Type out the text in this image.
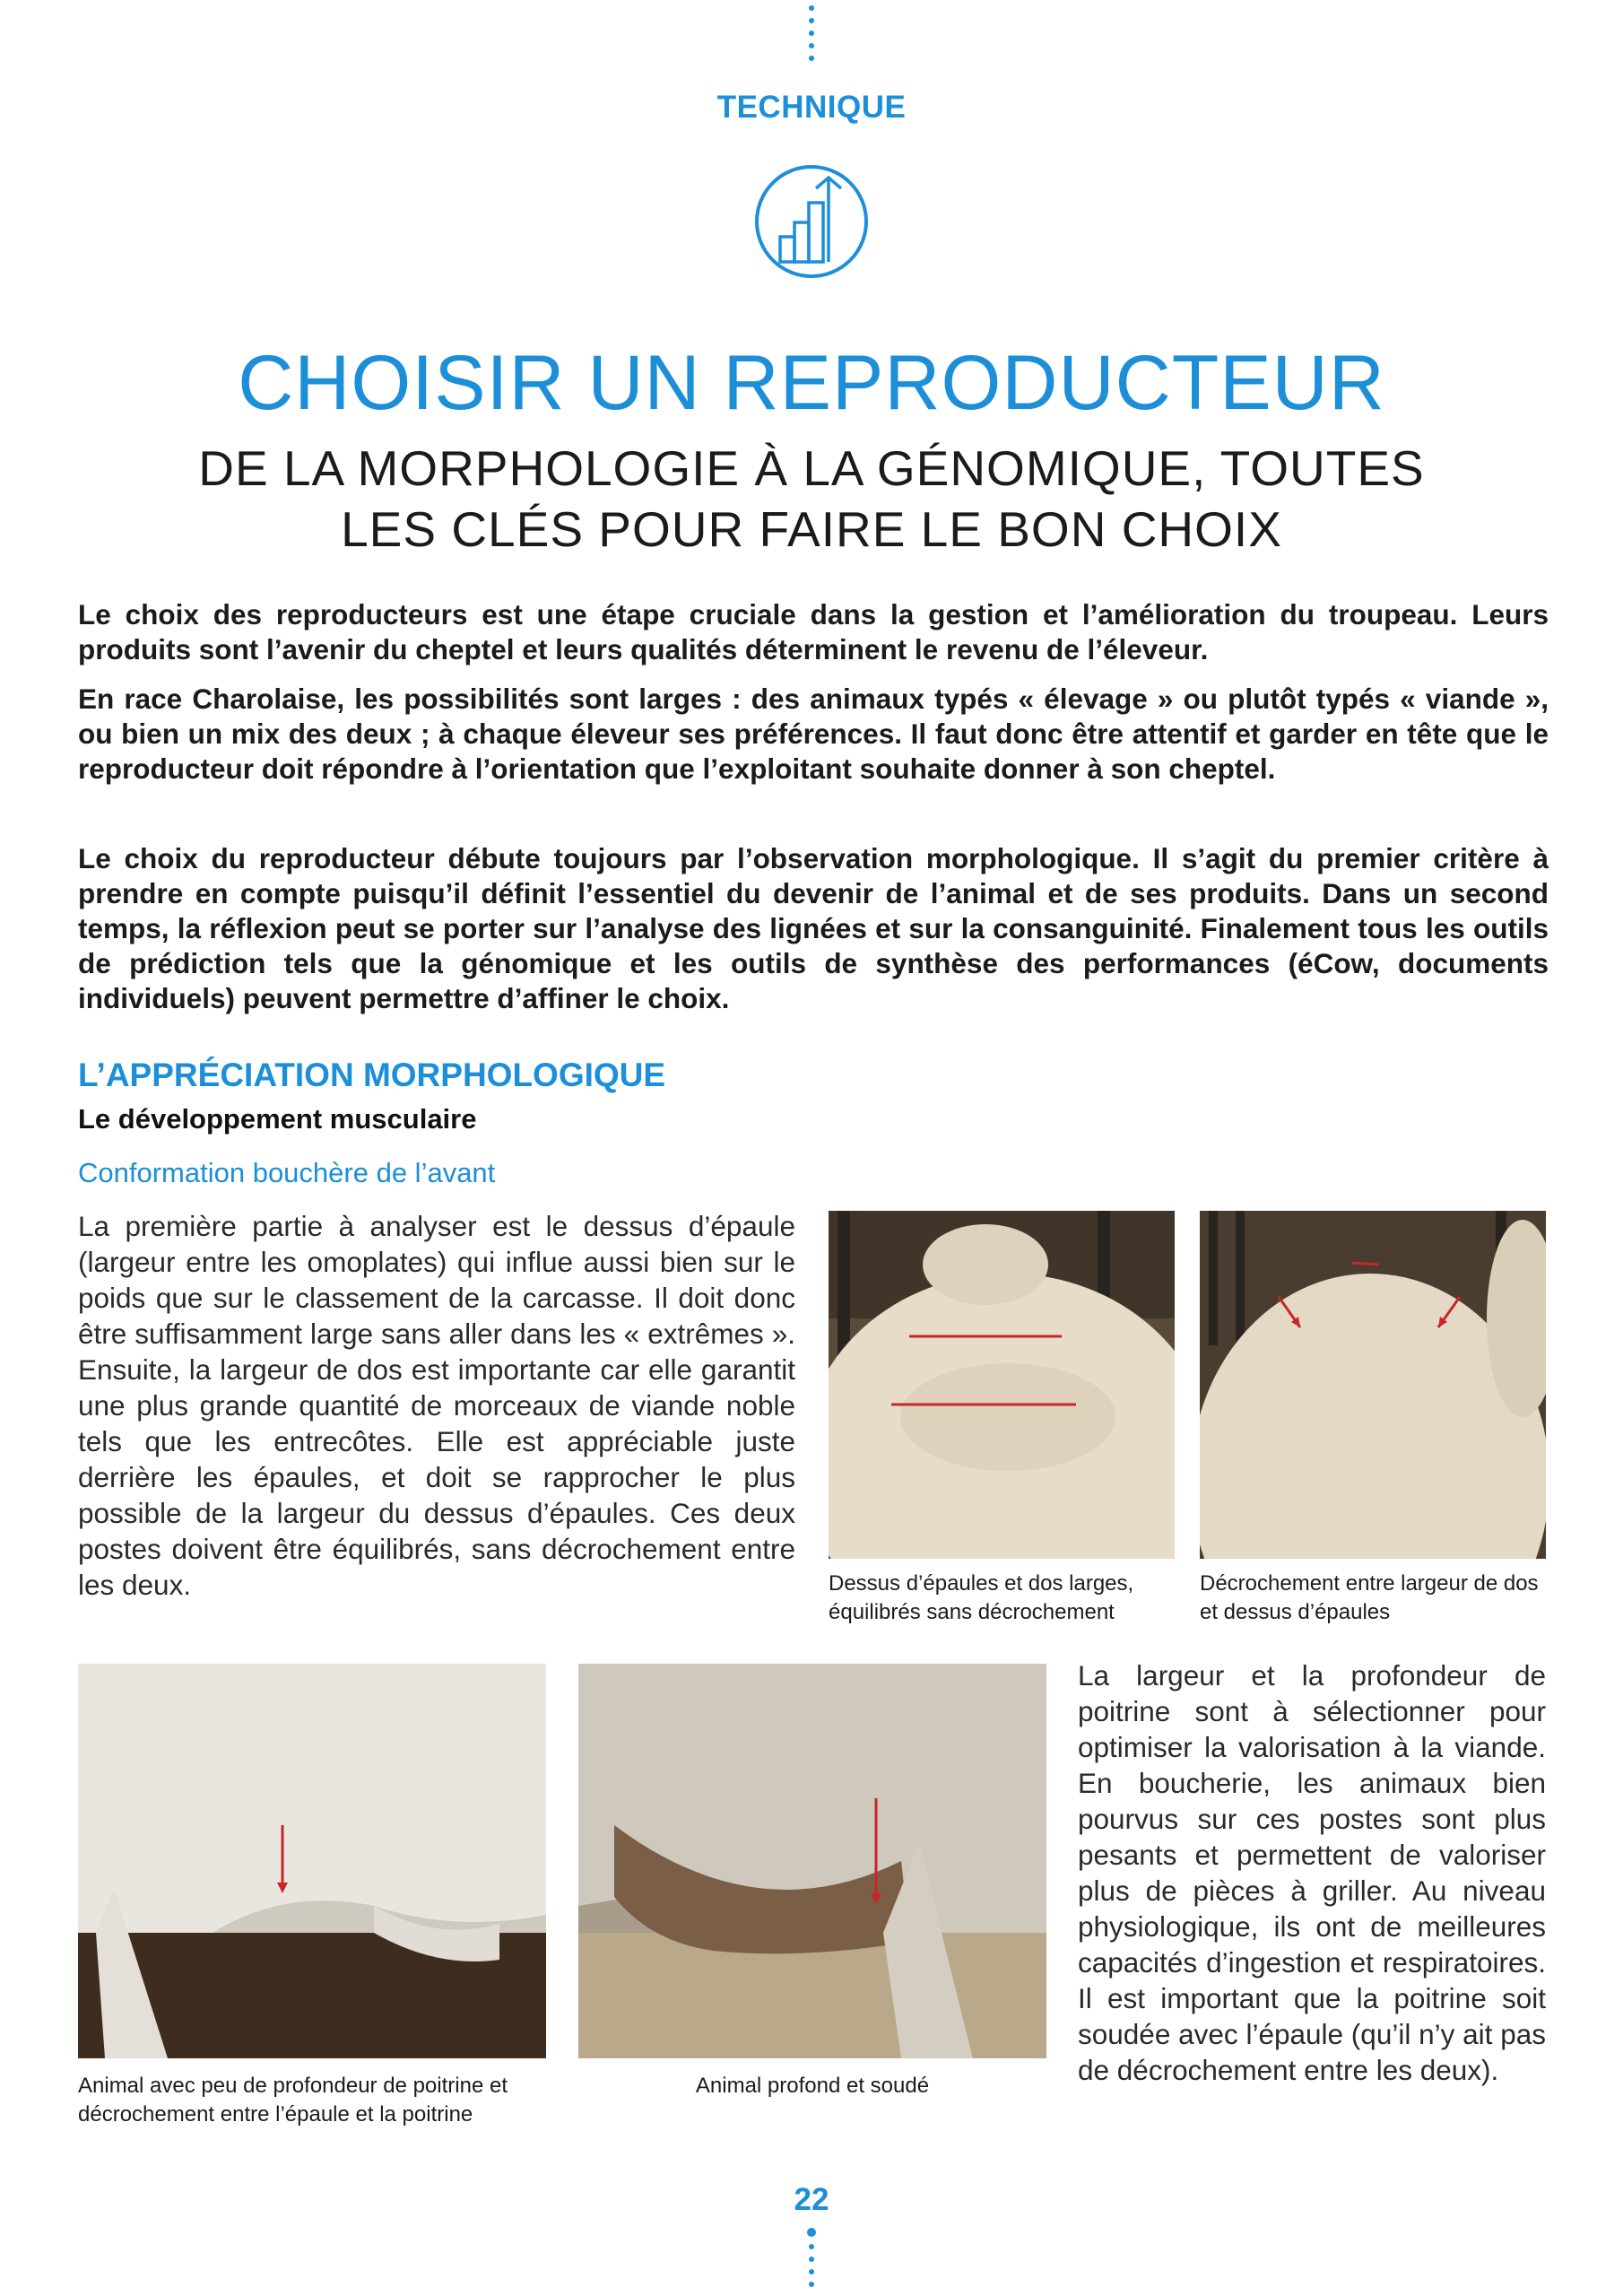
TECHNIQUE
CHOISIR UN REPRODUCTEUR
DE LA MORPHOLOGIE À LA GÉNOMIQUE, TOUTES
LES CLÉS POUR FAIRE LE BON CHOIX
Le choix des reproducteurs est une étape cruciale dans la gestion et l’amélioration du troupeau. Leurs produits sont l’avenir du cheptel et leurs qualités déterminent le revenu de l’éleveur.
En race Charolaise, les possibilités sont larges : des animaux typés « élevage » ou plutôt typés « viande », ou bien un mix des deux ; à chaque éleveur ses préférences. Il faut donc être attentif et garder en tête que le reproducteur doit répondre à l’orientation que l’exploitant souhaite donner à son cheptel.
Le choix du reproducteur débute toujours par l’observation morphologique. Il s’agit du premier critère à prendre en compte puisqu’il définit l’essentiel du devenir de l’animal et de ses produits. Dans un second temps, la réflexion peut se porter sur l’analyse des lignées et sur la consanguinité. Finalement tous les outils de prédiction tels que la génomique et les outils de synthèse des performances (éCow, documents individuels) peuvent permettre d’affiner le choix.
L’APPRÉCIATION MORPHOLOGIQUE
Le développement musculaire
Conformation bouchère de l’avant
La première partie à analyser est le dessus d’épaule (largeur entre les omoplates) qui influe aussi bien sur le poids que sur le classement de la carcasse. Il doit donc être suffisamment large sans aller dans les « extrêmes ». Ensuite, la largeur de dos est importante car elle garantit une plus grande quantité de morceaux de viande noble tels que les entrecôtes. Elle est appréciable juste derrière les épaules, et doit se rapprocher le plus possible de la largeur du dessus d’épaules. Ces deux postes doivent être équilibrés, sans décrochement entre les deux.	Dessus d’épaules et dos larges, équilibrés sans décrochement
Décrochement entre largeur de dos et dessus d’épaules
Animal avec peu de profondeur de poitrine et décrochement entre l’épaule et la poitrine
Animal profond et soudé
La largeur et la profondeur de poitrine sont à sélectionner pour optimiser la valorisation à la viande. En boucherie, les animaux bien pourvus sur ces postes sont plus pesants et permettent de valoriser plus de pièces à griller. Au niveau physiologique, ils ont de meilleures capacités d’ingestion et respiratoires. Il est important que la poitrine soit soudée avec l’épaule (qu’il n’y ait pas de décrochement entre les deux).
22
